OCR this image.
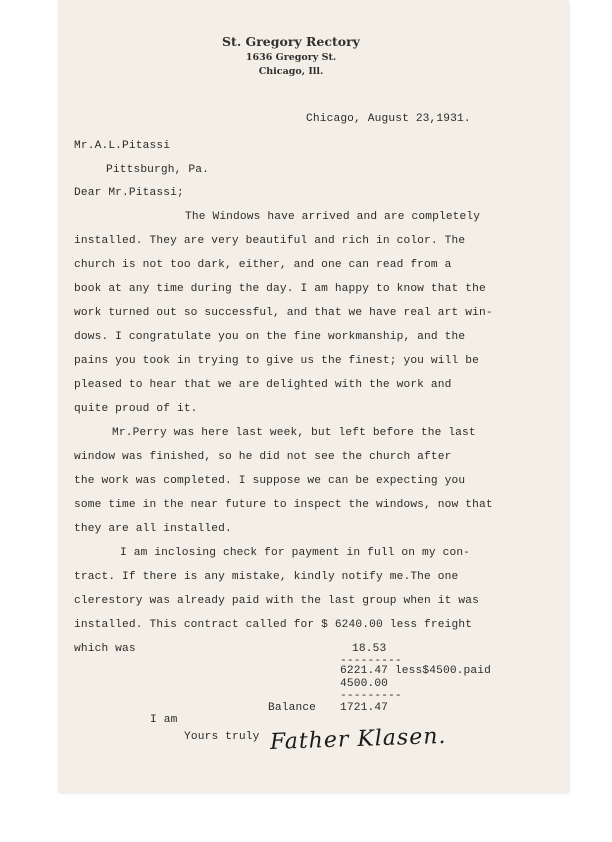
St. Gregory Rectory
1636 Gregory St.
Chicago, Ill.
Chicago, August 23,1931.
Mr.A.L.Pitassi
Pittsburgh, Pa.
Dear Mr.Pitassi;
The Windows have arrived and are completely
installed. They are very beautiful and rich in color. The
church is not too dark, either, and one can read from a
book at any time during the day. I am happy to know that the
work turned out so successful, and that we have real art win-
dows. I congratulate you on the fine workmanship, and the
pains you took in trying to give us the finest; you will be
pleased to hear that we are delighted with the work and
quite proud of it.
Mr.Perry was here last week, but left before the last
window was finished, so he did not see the church after
the work was completed. I suppose we can be expecting you
some time in the near future to inspect the windows, now that
they are all installed.
I am inclosing check for payment in full on my con-
tract. If there is any mistake, kindly notify me.The one
clerestory was already paid with the last group when it was
installed. This contract called for $ 6240.00 less freight
which was	18.53
---------
6221.47 less$4500.paid
4500.00
---------
Balance 1721.47
I am
Yours truly Father Klasen.
